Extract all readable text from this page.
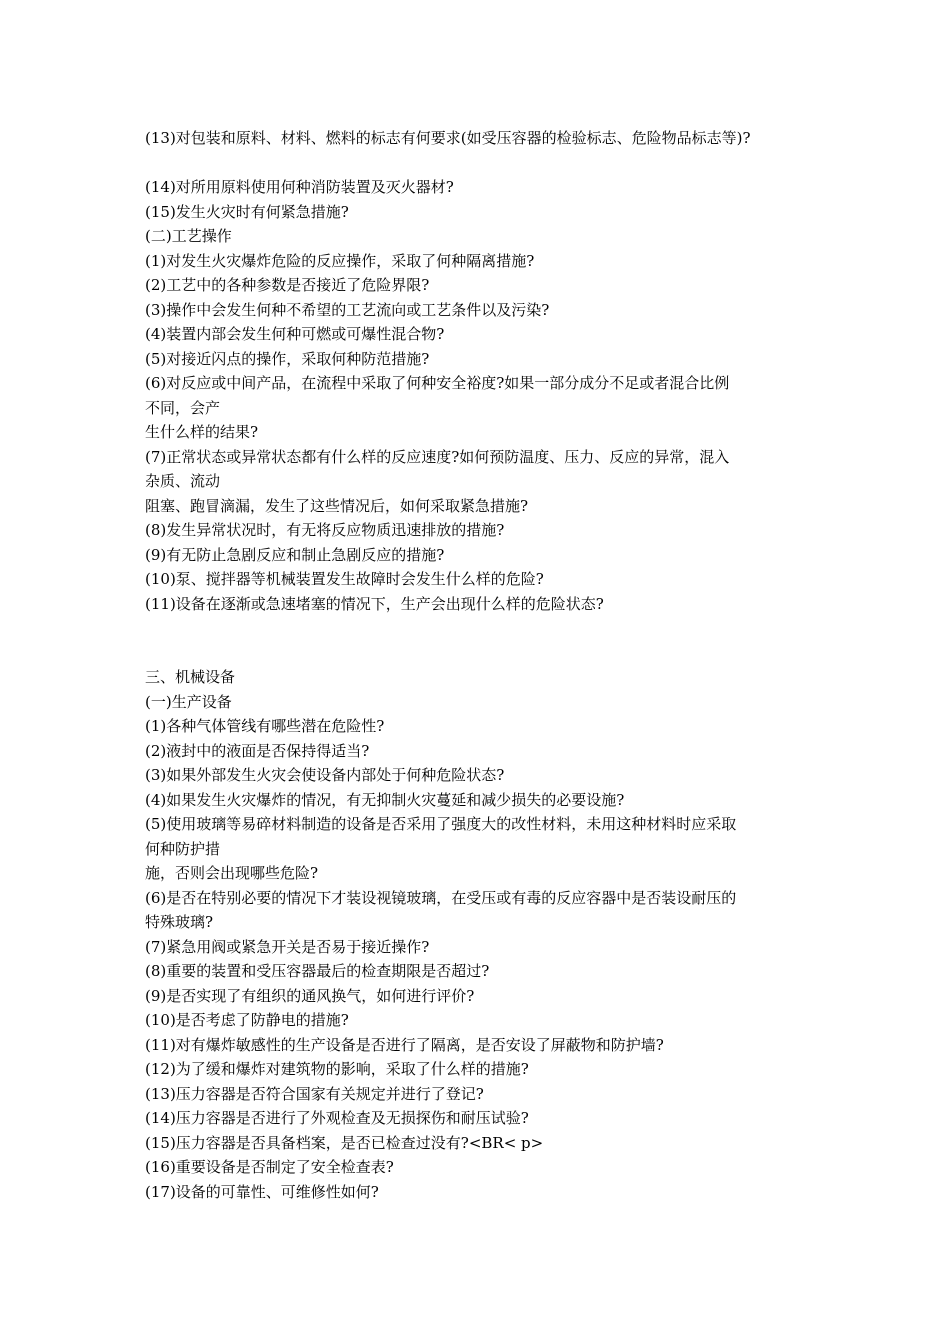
(13)对包装和原料、材料、燃料的标志有何要求(如受压容器的检验标志、危险物品标志等)?
(14)对所用原料使用何种消防装置及灭火器材?
(15)发生火灾时有何紧急措施?
(二)工艺操作
(1)对发生火灾爆炸危险的反应操作，采取了何种隔离措施?
(2)工艺中的各种参数是否接近了危险界限?
(3)操作中会发生何种不希望的工艺流向或工艺条件以及污染?
(4)装置内部会发生何种可燃或可爆性混合物?
(5)对接近闪点的操作，采取何种防范措施?
(6)对反应或中间产品，在流程中采取了何种安全裕度?如果一部分成分不足或者混合比例
不同，会产
生什么样的结果?
(7)正常状态或异常状态都有什么样的反应速度?如何预防温度、压力、反应的异常，混入
杂质、流动
阻塞、跑冒滴漏，发生了这些情况后，如何采取紧急措施?
(8)发生异常状况时，有无将反应物质迅速排放的措施?
(9)有无防止急剧反应和制止急剧反应的措施?
(10)泵、搅拌器等机械装置发生故障时会发生什么样的危险?
(11)设备在逐渐或急速堵塞的情况下，生产会出现什么样的危险状态?
三、机械设备
(一)生产设备
(1)各种气体管线有哪些潜在危险性?
(2)液封中的液面是否保持得适当?
(3)如果外部发生火灾会使设备内部处于何种危险状态?
(4)如果发生火灾爆炸的情况，有无抑制火灾蔓延和减少损失的必要设施?
(5)使用玻璃等易碎材料制造的设备是否采用了强度大的改性材料，未用这种材料时应采取
何种防护措
施，否则会出现哪些危险?
(6)是否在特别必要的情况下才装设视镜玻璃，在受压或有毒的反应容器中是否装设耐压的
特殊玻璃?
(7)紧急用阀或紧急开关是否易于接近操作?
(8)重要的装置和受压容器最后的检查期限是否超过?
(9)是否实现了有组织的通风换气，如何进行评价?
(10)是否考虑了防静电的措施?
(11)对有爆炸敏感性的生产设备是否进行了隔离，是否安设了屏蔽物和防护墙?
(12)为了缓和爆炸对建筑物的影响，采取了什么样的措施?
(13)压力容器是否符合国家有关规定并进行了登记?
(14)压力容器是否进行了外观检查及无损探伤和耐压试验?
(15)压力容器是否具备档案，是否已检查过没有?<BR< p>
(16)重要设备是否制定了安全检查表?
(17)设备的可靠性、可维修性如何?
